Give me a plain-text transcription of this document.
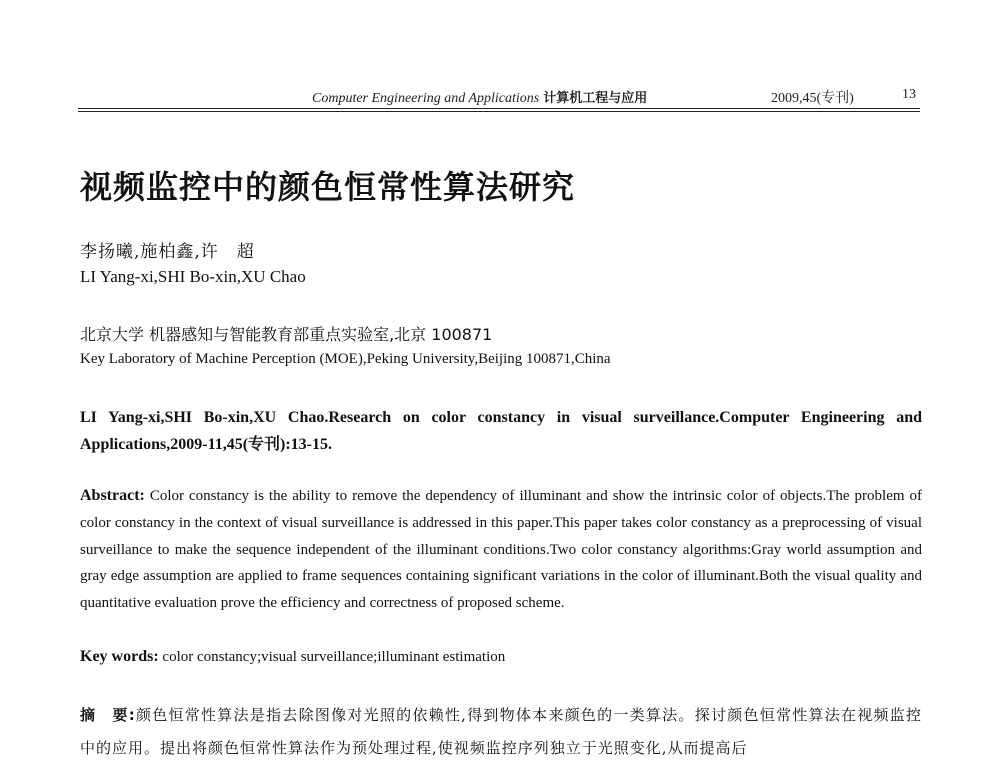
Computer Engineering and Applications 计算机工程与应用	2009,45(专刊)	13
视频监控中的颜色恒常性算法研究
李扬曦,施柏鑫,许　超
LI Yang-xi,SHI Bo-xin,XU Chao
北京大学 机器感知与智能教育部重点实验室,北京 100871
Key Laboratory of Machine Perception (MOE),Peking University,Beijing 100871,China
LI Yang-xi,SHI Bo-xin,XU Chao.Research on color constancy in visual surveillance.Computer Engineering and Applications,2009-11,45(专刊):13-15.
Abstract: Color constancy is the ability to remove the dependency of illuminant and show the intrinsic color of objects.The problem of color constancy in the context of visual surveillance is addressed in this paper.This paper takes color constancy as a preprocessing of visual surveillance to make the sequence independent of the illuminant conditions.Two color constancy algorithms:Gray world assumption and gray edge assumption are applied to frame sequences containing significant variations in the color of illuminant.Both the visual quality and quantitative evaluation prove the efficiency and correctness of proposed scheme.
Key words: color constancy;visual surveillance;illuminant estimation
摘　要:颜色恒常性算法是指去除图像对光照的依赖性,得到物体本来颜色的一类算法。探讨颜色恒常性算法在视频监控中的应用。提出将颜色恒常性算法作为预处理过程,使视频监控序列独立于光照变化,从而提高后
